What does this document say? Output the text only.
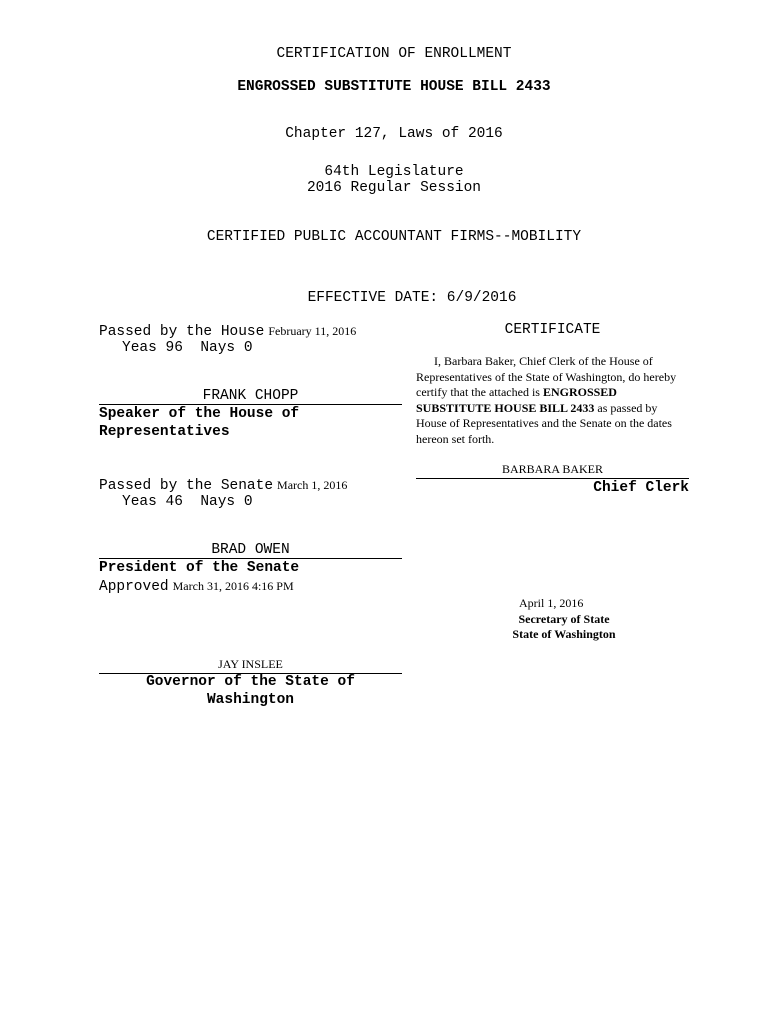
CERTIFICATION OF ENROLLMENT
ENGROSSED SUBSTITUTE HOUSE BILL 2433
Chapter 127, Laws of 2016
64th Legislature
2016 Regular Session
CERTIFIED PUBLIC ACCOUNTANT FIRMS--MOBILITY
EFFECTIVE DATE: 6/9/2016
Passed by the House February 11, 2016
Yeas 96  Nays 0
FRANK CHOPP
Speaker of the House of
Representatives
Passed by the Senate March 1, 2016
Yeas 46  Nays 0
BRAD OWEN
President of the Senate
Approved March 31, 2016 4:16 PM
JAY INSLEE
Governor of the State of
Washington
CERTIFICATE
I, Barbara Baker, Chief Clerk of the House of
Representatives of the State of Washington, do hereby
certify that the attached is ENGROSSED
SUBSTITUTE HOUSE BILL 2433 as passed by
House of Representatives and the Senate on the dates
hereon set forth.
BARBARA BAKER
Chief Clerk
April 1, 2016
Secretary of State
State of Washington
